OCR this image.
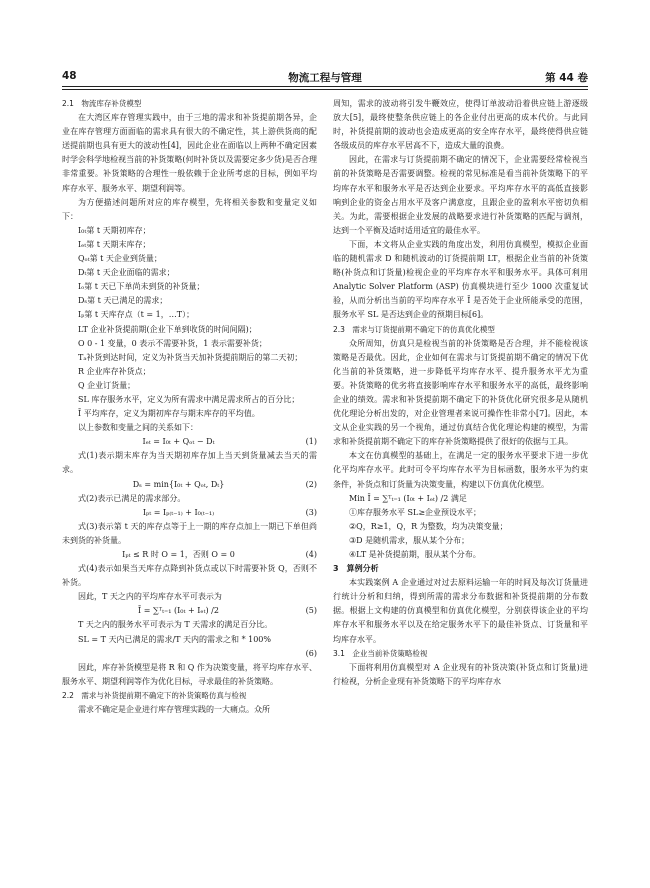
48	物流工程与管理	第 44 卷

2.1　物流库存补货模型

在大湾区库存管理实践中，由于三地的需求和补货提前期各异，企业在库存管理方面面临的需求具有很大的不确定性，其上游供货商的配送提前期也具有更大的波动性[4]，因此企业在面临以上两种不确定因素时学会科学地检视当前的补货策略(何时补货以及需要定多少货)是否合理非常重要。补货策略的合理性一般依赖于企业所考虑的目标，例如平均库存水平、服务水平、期望利润等。

为方便描述问题所对应的库存模型，先将相关参数和变量定义如下：

I₀ₜ第 t 天期初库存；

Iₑₜ第 t 天期末库存；

Qₒₜ第 t 天企业到货量；

Dₜ第 t 天企业面临的需求；

Iₒ第 t 天已下单尚未到货的补货量；

Dₛ第 t 天已满足的需求；

Iₚ第 t 天库存点（t = 1，…T）；

LT 企业补货提前期(企业下单到收货的时间间隔)；

O 0 - 1 变量，0 表示不需要补货，1 表示需要补货；

Tₐ补货到达时间，定义为补货当天加补货提前期后的第二天初；

R 企业库存补货点；

Q 企业订货量；

SL 库存服务水平，定义为所有需求中满足需求所占的百分比；

Ī 平均库存，定义为期初库存与期末库存的平均值。

以上参数和变量之间的关系如下：

Iₑₜ = I₀ₜ + Qₒₜ − Dₜ	(1)

式(1)表示期末库存为当天期初库存加上当天到货量减去当天的需求。

Dₛ = min{I₀ₜ + Qₒₜ, Dₜ}	(2)

式(2)表示已满足的需求部分。

Iₚₜ = Iₚ₍ₜ₋₁₎ + I₀₍ₜ₋₁₎	(3)

式(3)表示第 t 天的库存点等于上一期的库存点加上一期已下单但尚未到货的补货量。

Iₚₜ ≤ R 时 O = 1，否则 O = 0	(4)

式(4)表示如果当天库存点降到补货点或以下时需要补货 Q，否则不补货。

因此，T 天之内的平均库存水平可表示为

Ī = ∑ᵀₜ₌₁ (I₀ₜ + Iₑₜ) /2	(5)

T 天之内的服务水平可表示为 T 天需求的满足百分比。

SL = T 天内已满足的需求/T 天内的需求之和 * 100%

(6)

因此，库存补货模型是将 R 和 Q 作为决策变量，将平均库存水平、服务水平、期望利润等作为优化目标，寻求最佳的补货策略。

2.2　需求与补货提前期不确定下的补货策略仿真与检视

需求不确定是企业进行库存管理实践的一大痛点。众所

周知，需求的波动将引发牛鞭效应，使得订单波动沿着供应链上游逐级放大[5]，最终使整条供应链上的各企业付出更高的成本代价。与此同时，补货提前期的波动也会造成更高的安全库存水平，最终使得供应链各级成员的库存水平居高不下，造成大量的浪费。

因此，在需求与订货提前期不确定的情况下，企业需要经常检视当前的补货策略是否需要调整。检视的常见标准是看当前补货策略下的平均库存水平和服务水平是否达到企业要求。平均库存水平的高低直接影响到企业的资金占用水平及客户满意度，且跟企业的盈利水平密切负相关。为此，需要根据企业发展的战略要求进行补货策略的匹配与调剂，达到一个平衡及适时适用适宜的最佳水平。

下面，本文将从企业实践的角度出发，利用仿真模型，模拟企业面临的随机需求 D 和随机波动的订货提前期 LT，根据企业当前的补货策略(补货点和订货量)检视企业的平均库存水平和服务水平。具体可利用 Analytic Solver Platform (ASP) 仿真模块进行至少 1000 次重复试验，从而分析出当前的平均库存水平 Ī 是否处于企业所能承受的范围，服务水平 SL 是否达到企业的预期目标[6]。

2.3　需求与订货提前期不确定下的仿真优化模型

众所周知，仿真只是检视当前的补货策略是否合理，并不能检视该策略是否最优。因此，企业如何在需求与订货提前期不确定的情况下优化当前的补货策略，进一步降低平均库存水平、提升服务水平尤为重要。补货策略的优劣将直接影响库存水平和服务水平的高低，最终影响企业的绩效。需求和补货提前期不确定下的补货优化研究很多是从随机优化理论分析出发的，对企业管理者来说可操作性非常小[7]。因此，本文从企业实践的另一个视角，通过仿真结合优化理论构建的模型，为需求和补货提前期不确定下的库存补货策略提供了很好的依据与工具。

本文在仿真模型的基础上，在满足一定的服务水平要求下进一步优化平均库存水平。此时可令平均库存水平为目标函数，服务水平为约束条件，补货点和订货量为决策变量，构建以下仿真优化模型。

Min Ī = ∑ᵀₜ₌₁ (I₀ₜ + Iₑₜ) /2 满足

①库存服务水平 SL≥企业预设水平；

②Q，R≥1，Q，R 为整数，均为决策变量；

③D 是随机需求，服从某个分布；

④LT 是补货提前期，服从某个分布。

3　算例分析

本实践案例 A 企业通过对过去原料运输一年的时间及每次订货量进行统计分析和归纳，得到所需的需求分布数据和补货提前期的分布数据。根据上文构建的仿真模型和仿真优化模型，分别获得该企业的平均库存水平和服务水平以及在给定服务水平下的最佳补货点、订货量和平均库存水平。

3.1　企业当前补货策略检视

下面将利用仿真模型对 A 企业现有的补货决策(补货点和订货量)进行检视，分析企业现有补货策略下的平均库存水
